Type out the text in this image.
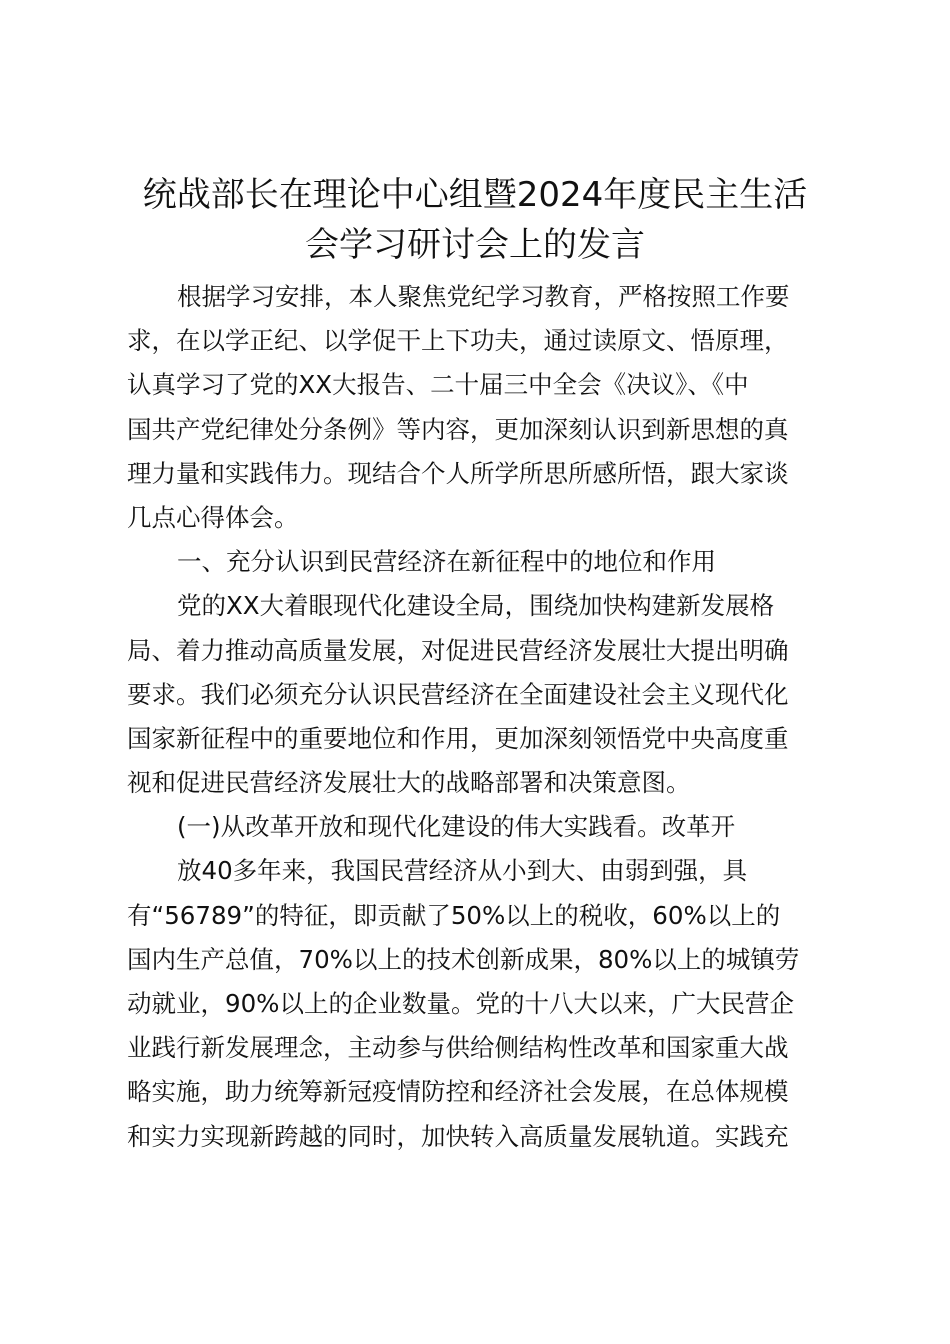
统战部长在理论中心组暨2024年度民主生活
会学习研讨会上的发言
根据学习安排，本人聚焦党纪学习教育，严格按照工作要
求，在以学正纪、以学促干上下功夫，通过读原文、悟原理，
认真学习了党的XX大报告、二十届三中全会《决议》、《中
国共产党纪律处分条例》等内容，更加深刻认识到新思想的真
理力量和实践伟力。现结合个人所学所思所感所悟，跟大家谈
几点心得体会。
一、充分认识到民营经济在新征程中的地位和作用
党的XX大着眼现代化建设全局，围绕加快构建新发展格
局、着力推动高质量发展，对促进民营经济发展壮大提出明确
要求。我们必须充分认识民营经济在全面建设社会主义现代化
国家新征程中的重要地位和作用，更加深刻领悟党中央高度重
视和促进民营经济发展壮大的战略部署和决策意图。
(一)从改革开放和现代化建设的伟大实践看。改革开
放40多年来，我国民营经济从小到大、由弱到强，具
有“56789”的特征，即贡献了50%以上的税收，60%以上的
国内生产总值，70%以上的技术创新成果，80%以上的城镇劳
动就业，90%以上的企业数量。党的十八大以来，广大民营企
业践行新发展理念，主动参与供给侧结构性改革和国家重大战
略实施，助力统筹新冠疫情防控和经济社会发展，在总体规模
和实力实现新跨越的同时，加快转入高质量发展轨道。实践充
